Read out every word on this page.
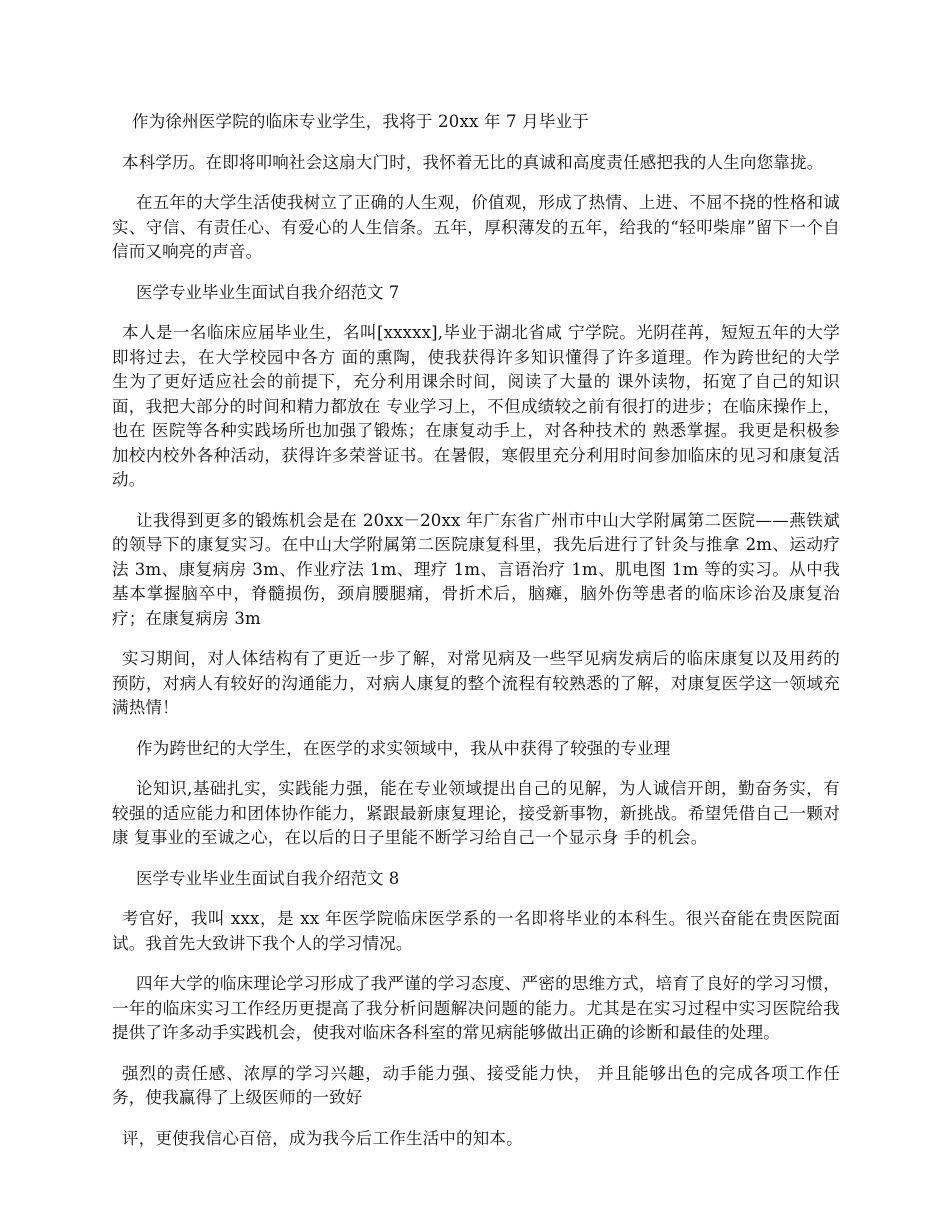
作为徐州医学院的临床专业学生，我将于 20xx 年 7 月毕业于

本科学历。在即将叩响社会这扇大门时，我怀着无比的真诚和高度责任感把我的人生向您靠拢。

在五年的大学生活使我树立了正确的人生观，价值观，形成了热情、上进、不屈不挠的性格和诚实、守信、有责任心、有爱心的人生信条。五年，厚积薄发的五年，给我的“轻叩柴扉”留下一个自信而又响亮的声音。

医学专业毕业生面试自我介绍范文 7

本人是一名临床应届毕业生，名叫[xxxxx],毕业于湖北省咸 宁学院。光阴荏苒，短短五年的大学即将过去，在大学校园中各方 面的熏陶，使我获得许多知识懂得了许多道理。作为跨世纪的大学 生为了更好适应社会的前提下，充分利用课余时间，阅读了大量的 课外读物，拓宽了自己的知识面，我把大部分的时间和精力都放在 专业学习上，不但成绩较之前有很打的进步；在临床操作上，也在 医院等各种实践场所也加强了锻炼；在康复动手上，对各种技术的 熟悉掌握。我更是积极参加校内校外各种活动，获得许多荣誉证书。在暑假，寒假里充分利用时间参加临床的见习和康复活动。

让我得到更多的锻炼机会是在 20xx－20xx 年广东省广州市中山大学附属第二医院——燕铁斌的领导下的康复实习。在中山大学附属第二医院康复科里，我先后进行了针灸与推拿 2m、运动疗法 3m、康复病房 3m、作业疗法 1m、理疗 1m、言语治疗 1m、肌电图 1m 等的实习。从中我基本掌握脑卒中，脊髓损伤，颈肩腰腿痛，骨折术后，脑瘫，脑外伤等患者的临床诊治及康复治疗；在康复病房 3m

实习期间，对人体结构有了更近一步了解，对常见病及一些罕见病发病后的临床康复以及用药的预防，对病人有较好的沟通能力，对病人康复的整个流程有较熟悉的了解，对康复医学这一领域充满热情！

作为跨世纪的大学生，在医学的求实领域中，我从中获得了较强的专业理

论知识,基础扎实，实践能力强，能在专业领域提出自己的见解，为人诚信开朗，勤奋务实，有较强的适应能力和团体协作能力，紧跟最新康复理论，接受新事物，新挑战。希望凭借自己一颗对康 复事业的至诚之心，在以后的日子里能不断学习给自己一个显示身 手的机会。

医学专业毕业生面试自我介绍范文 8

考官好，我叫 xxx，是 xx 年医学院临床医学系的一名即将毕业的本科生。很兴奋能在贵医院面试。我首先大致讲下我个人的学习情况。

四年大学的临床理论学习形成了我严谨的学习态度、严密的思维方式，培育了良好的学习习惯，一年的临床实习工作经历更提高了我分析问题解决问题的能力。尤其是在实习过程中实习医院给我提供了许多动手实践机会，使我对临床各科室的常见病能够做出正确的诊断和最佳的处理。

强烈的责任感、浓厚的学习兴趣，动手能力强、接受能力快， 并且能够出色的完成各项工作任务，使我赢得了上级医师的一致好

评，更使我信心百倍，成为我今后工作生活中的知本。
